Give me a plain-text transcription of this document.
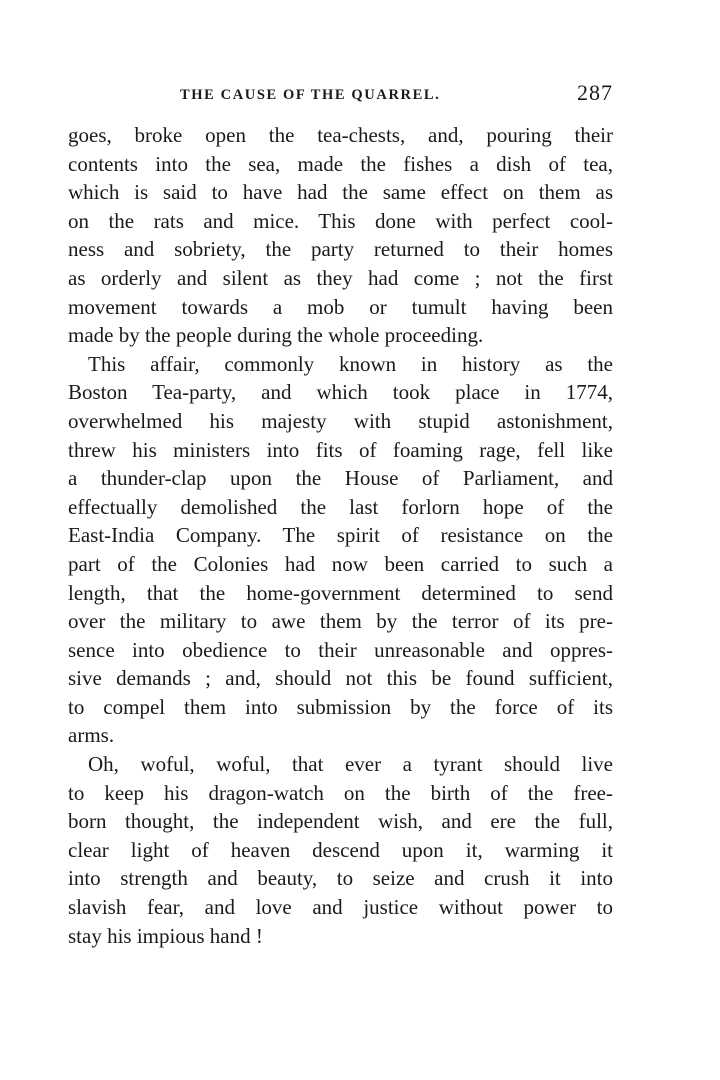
THE CAUSE OF THE QUARREL.	287
goes, broke open the tea-chests, and, pouring their
contents into the sea, made the fishes a dish of tea,
which is said to have had the same effect on them as
on the rats and mice. This done with perfect cool-
ness and sobriety, the party returned to their homes
as orderly and silent as they had come ; not the first
movement towards a mob or tumult having been
made by the people during the whole proceeding.
This affair, commonly known in history as the
Boston Tea-party, and which took place in 1774,
overwhelmed his majesty with stupid astonishment,
threw his ministers into fits of foaming rage, fell like
a thunder-clap upon the House of Parliament, and
effectually demolished the last forlorn hope of the
East-India Company. The spirit of resistance on the
part of the Colonies had now been carried to such a
length, that the home-government determined to send
over the military to awe them by the terror of its pre-
sence into obedience to their unreasonable and oppres-
sive demands ; and, should not this be found sufficient,
to compel them into submission by the force of its
arms.
Oh, woful, woful, that ever a tyrant should live
to keep his dragon-watch on the birth of the free-
born thought, the independent wish, and ere the full,
clear light of heaven descend upon it, warming it
into strength and beauty, to seize and crush it into
slavish fear, and love and justice without power to
stay his impious hand !
